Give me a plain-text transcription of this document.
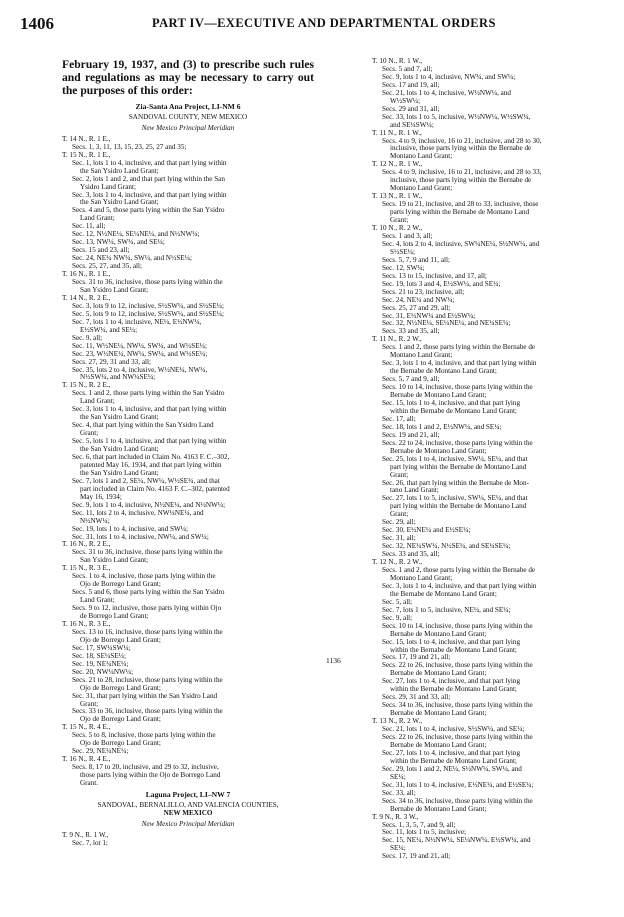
1406	PART IV—EXECUTIVE AND DEPARTMENTAL ORDERS

February 19, 1937, and (3) to prescribe such rules and regulations as may be necessary to carry out the purposes of this order:

Zia-Santa Ana Project, LI-NM 6
SANDOVAL COUNTY, NEW MEXICO
New Mexico Principal Meridian
T. 14 N., R. 1 E.,
Secs. 1, 3, 11, 13, 15, 23, 25, 27 and 35;
T. 15 N., R. 1 E.,
Sec. 1, lots 1 to 4, inclusive, and that part lying within
the San Ysidro Land Grant;
Sec. 2, lots 1 and 2, and that part lying within the San
Ysidro Land Grant;
Sec. 3, lots 1 to 4, inclusive, and that part lying within
the San Ysidro Land Grant;
Secs. 4 and 5, those parts lying within the San Ysidro
Land Grant;
Sec. 11, all;
Sec. 12, N½NE¼, SE¼NE¼, and N½NW¼;
Sec. 13, NW¼, SW¼, and SE¼;
Secs. 15 and 23, all;
Sec. 24, NE¼ NW¼, SW¼, and N½SE¼;
Secs. 25, 27, and 35, all;
T. 16 N., R. 1 E.,
Secs. 31 to 36, inclusive, those parts lying within the
San Ysidro Land Grant;
T. 14 N., R. 2 E.,
Sec. 3, lots 9 to 12, inclusive, S½SW¼, and S½SE¼;
Sec. 5, lots 9 to 12, inclusive, S½SW¼, and S½SE¼;
Sec. 7, lots 1 to 4, inclusive, NE¼, E½NW¼,
E½SW¼, and SE¼;
Sec. 9, all;
Sec. 11, W½NE¼, NW¼, SW¼, and W½SE¼;
Sec. 23, W½NE¼, NW¼, SW¼, and W½SE¼;
Secs. 27, 29, 31 and 33, all;
Sec. 35, lots 2 to 4, inclusive, W½NE¼, NW¼,
N½SW¼, and NW¼SE¼;
T. 15 N., R. 2 E.,
Secs. 1 and 2, those parts lying within the San Ysidro
Land Grant;
Sec. 3, lots 1 to 4, inclusive, and that part lying within
the San Ysidro Land Grant;
Sec. 4, that part lying within the San Ysidro Land
Grant;
Sec. 5, lots 1 to 4, inclusive, and that part lying within
the San Ysidro Land Grant;
Sec. 6, that part included in Claim No. 4163 F. C.–302,
patented May 16, 1934, and that part lying within
the San Ysidro Land Grant;
Sec. 7, lots 1 and 2, SE¼, NW¼, W½SE¼, and that
part included in Claim No. 4163 F. C.–302, patented
May 16, 1934;
Sec. 9, lots 1 to 4, inclusive, N½NE¼, and N½NW¼;
Sec. 11, lots 2 to 4, inclusive, NW¼NE¼, and
N½NW¼;
Sec. 19, lots 1 to 4, inclusive, and SW¼;
Sec. 31, lots 1 to 4, inclusive, NW¼, and SW¼;
T. 16 N., R. 2 E.,
Secs. 31 to 36, inclusive, those parts lying within the
San Ysidro Land Grant;
T. 15 N., R. 3 E.,
Secs. 1 to 4, inclusive, those parts lying within the
Ojo de Borrego Land Grant;
Secs. 5 and 6, those parts lying within the San Ysidro
Land Grant;
Secs. 9 to 12, inclusive, those parts lying within Ojo
de Borrego Land Grant;
T. 16 N., R. 3 E.,
Secs. 13 to 16, inclusive, those parts lying within the
Ojo de Borrego Land Grant;
Sec. 17, SW¼SW¼;
Sec. 18, SE¼SE¼;
Sec. 19, NE¼NE¼;
Sec. 20, NW¼NW¼;
Secs. 21 to 28, inclusive, those parts lying within the
Ojo de Borrego Land Grant;
Sec. 31, that part lying within the San Ysidro Land
Grant;
Secs. 33 to 36, inclusive, those parts lying within the
Ojo de Borrego Land Grant;
T. 15 N., R. 4 E.,
Secs. 5 to 8, inclusive, those parts lying within the
Ojo de Borrego Land Grant;
Sec. 29, NE¼NE¼;
T. 16 N., R. 4 E.,
Secs. 8, 17 to 20, inclusive, and 29 to 32, inclusive,
those parts lying within the Ojo de Borrego Land
Grant.
Laguna Project, LI–NW 7
SANDOVAL, BERNALILLO, AND VALENCIA COUNTIES,
NEW MEXICO
New Mexico Principal Meridian
T. 9 N., R. 1 W.,
Sec. 7, lot 1;
1136
T. 10 N., R. 1 W.,
Secs. 5 and 7, all;
Sec. 9, lots 1 to 4, inclusive, NW¼, and SW¼;
Secs. 17 and 19, all;
Sec. 21, lots 1 to 4, inclusive, W½NW¼, and
W½SW¼;
Secs. 29 and 31, all;
Sec. 33, lots 1 to 5, inclusive, W½NW¼, W½SW¼,
and SE¼SW¼;
T. 11 N., R. 1 W.,
Secs. 4 to 9, inclusive, 16 to 21, inclusive, and 28 to 30,
inclusive, those parts lying within the Bernabe de
Montano Land Grant;
T. 12 N., R. 1 W.,
Secs. 4 to 9, inclusive, 16 to 21, inclusive, and 28 to 33,
inclusive, those parts lying within the Bernabe de
Montano Land Grant;
T. 13 N., R. 1 W.,
Secs. 19 to 21, inclusive, and 28 to 33, inclusive, those
parts lying within the Bernabe de Montano Land
Grant;
T. 10 N., R. 2 W.,
Secs. 1 and 3, all;
Sec. 4, lots 2 to 4, inclusive, SW¼NE¼, S½NW¼, and
S½SE¼;
Secs. 5, 7, 9 and 11, all;
Sec. 12, SW¼;
Secs. 13 to 15, inclusive, and 17, all;
Sec. 19, lots 3 and 4, E½SW¼, and SE¼;
Secs. 21 to 23, inclusive, all;
Sec. 24, NE¼ and NW¼;
Secs. 25, 27 and 29, all;
Sec. 31, E½NW¼ and E½SW¼;
Sec. 32, N½NE¼, SE¼NE¼, and NE¼SE¼;
Secs. 33 and 35, all;
T. 11 N., R. 2 W.,
Secs. 1 and 2, those parts lying within the Bernabe de
Montano Land Grant;
Sec. 3, lots 1 to 4, inclusive, and that part lying within
the Bernabe de Montano Land Grant;
Secs. 5, 7 and 9, all;
Secs. 10 to 14, inclusive, those parts lying within the
Bernabe de Montano Land Grant;
Sec. 15, lots 1 to 4, inclusive, and that part lying
within the Bernabe de Montano Land Grant;
Sec. 17, all;
Sec. 18, lots 1 and 2, E½NW¼, and SE¼;
Secs. 19 and 21, all;
Secs. 22 to 24, inclusive, those parts lying within the
Bernabe de Montano Land Grant;
Sec. 25, lots 1 to 4, inclusive, SW¼, SE¼, and that
part lying within the Bernabe de Montano Land
Grant;
Sec. 26, that part lying within the Bernabe de Mon-
tano Land Grant;
Sec. 27, lots 1 to 5, inclusive, SW¼, SE¼, and that
part lying within the Bernabe de Montano Land
Grant;
Sec. 29, all;
Sec. 30, E½NE¼ and E½SE¼;
Sec. 31, all;
Sec. 32, NE¼SW¼, N½SE¼, and SE¼SE¼;
Secs. 33 and 35, all;
T. 12 N., R. 2 W.,
Secs. 1 and 2, those parts lying within the Bernabe de
Montano Land Grant;
Sec. 3, lots 1 to 4, inclusive, and that part lying within
the Bernabe de Montano Land Grant;
Sec. 5, all;
Sec. 7, lots 1 to 5, inclusive, NE¼, and SE¼;
Sec. 9, all;
Secs. 10 to 14, inclusive, those parts lying within the
Bernabe de Montano Land Grant;
Sec. 15, lots 1 to 4, inclusive, and that part lying
within the Bernabe de Montano Land Grant;
Secs. 17, 19 and 21, all;
Secs. 22 to 26, inclusive, those parts lying within the
Bernabe de Montano Land Grant;
Sec. 27, lots 1 to 4, inclusive, and that part lying
within the Bernabe de Montano Land Grant;
Secs. 29, 31 and 33, all;
Secs. 34 to 36, inclusive, those parts lying within the
Bernabe de Montano Land Grant;
T. 13 N., R. 2 W.,
Sec. 21, lots 1 to 4, inclusive, S½SW¼, and SE¼;
Secs. 22 to 26, inclusive, those parts lying within the
Bernabe de Montano Land Grant;
Sec. 27, lots 1 to 4, inclusive, and that part lying
within the Bernabe de Montano Land Grant;
Sec. 29, lots 1 and 2, NE¼, S½NW¼, SW¼, and
SE¼;
Sec. 31, lots 1 to 4, inclusive, E½NE¼, and E½SE¼;
Sec. 33, all;
Secs. 34 to 36, inclusive, those parts lying within the
Bernabe de Montano Land Grant;
T. 9 N., R. 3 W.,
Secs. 1, 3, 5, 7, and 9, all;
Sec. 11, lots 1 to 5, inclusive;
Sec. 15, NE¼, N½NW¼, SE¼NW¼, E½SW¼, and
SE¼;
Secs. 17, 19 and 21, all;
